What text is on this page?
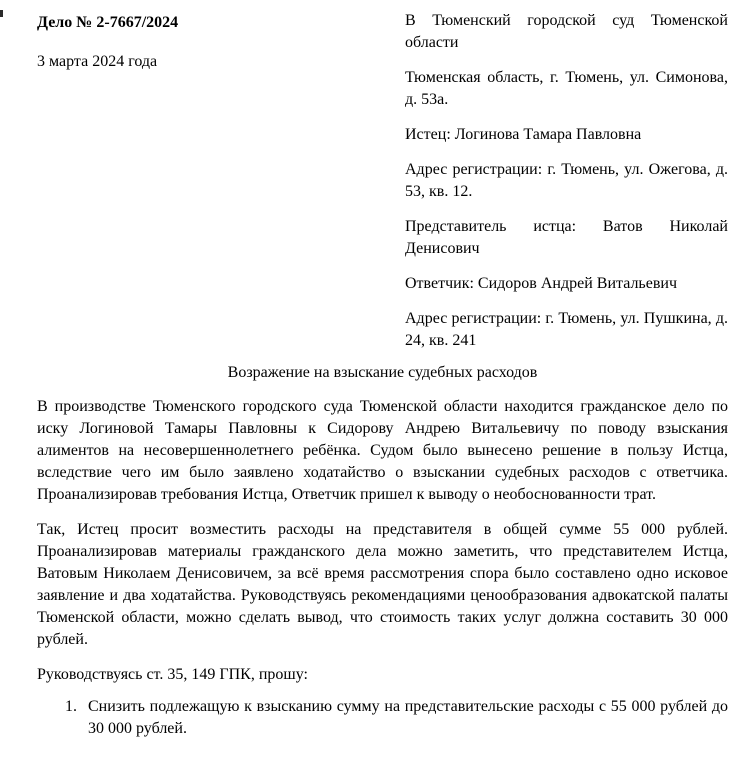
Дело № 2-7667/2024

3 марта 2024 года

В Тюменский городской суд Тюменской области

Тюменская область, г. Тюмень, ул. Симонова, д. 53а.

Истец: Логинова Тамара Павловна

Адрес регистрации: г. Тюмень, ул. Ожегова, д. 53, кв. 12.

Представитель истца: Ватов Николай Денисович

Ответчик: Сидоров Андрей Витальевич

Адрес регистрации: г. Тюмень, ул. Пушкина, д. 24, кв. 241

Возражение на взыскание судебных расходов

В производстве Тюменского городского суда Тюменской области находится гражданское дело по иску Логиновой Тамары Павловны к Сидорову Андрею Витальевичу по поводу взыскания алиментов на несовершеннолетнего ребёнка. Судом было вынесено решение в пользу Истца, вследствие чего им было заявлено ходатайство о взыскании судебных расходов с ответчика. Проанализировав требования Истца, Ответчик пришел к выводу о необоснованности трат.

Так, Истец просит возместить расходы на представителя в общей сумме 55 000 рублей. Проанализировав материалы гражданского дела можно заметить, что представителем Истца, Ватовым Николаем Денисовичем, за всё время рассмотрения спора было составлено одно исковое заявление и два ходатайства. Руководствуясь рекомендациями ценообразования адвокатской палаты Тюменской области, можно сделать вывод, что стоимость таких услуг должна составить 30 000 рублей.

Руководствуясь ст. 35, 149 ГПК, прошу:

1. Снизить подлежащую к взысканию сумму на представительские расходы с 55 000 рублей до 30 000 рублей.
